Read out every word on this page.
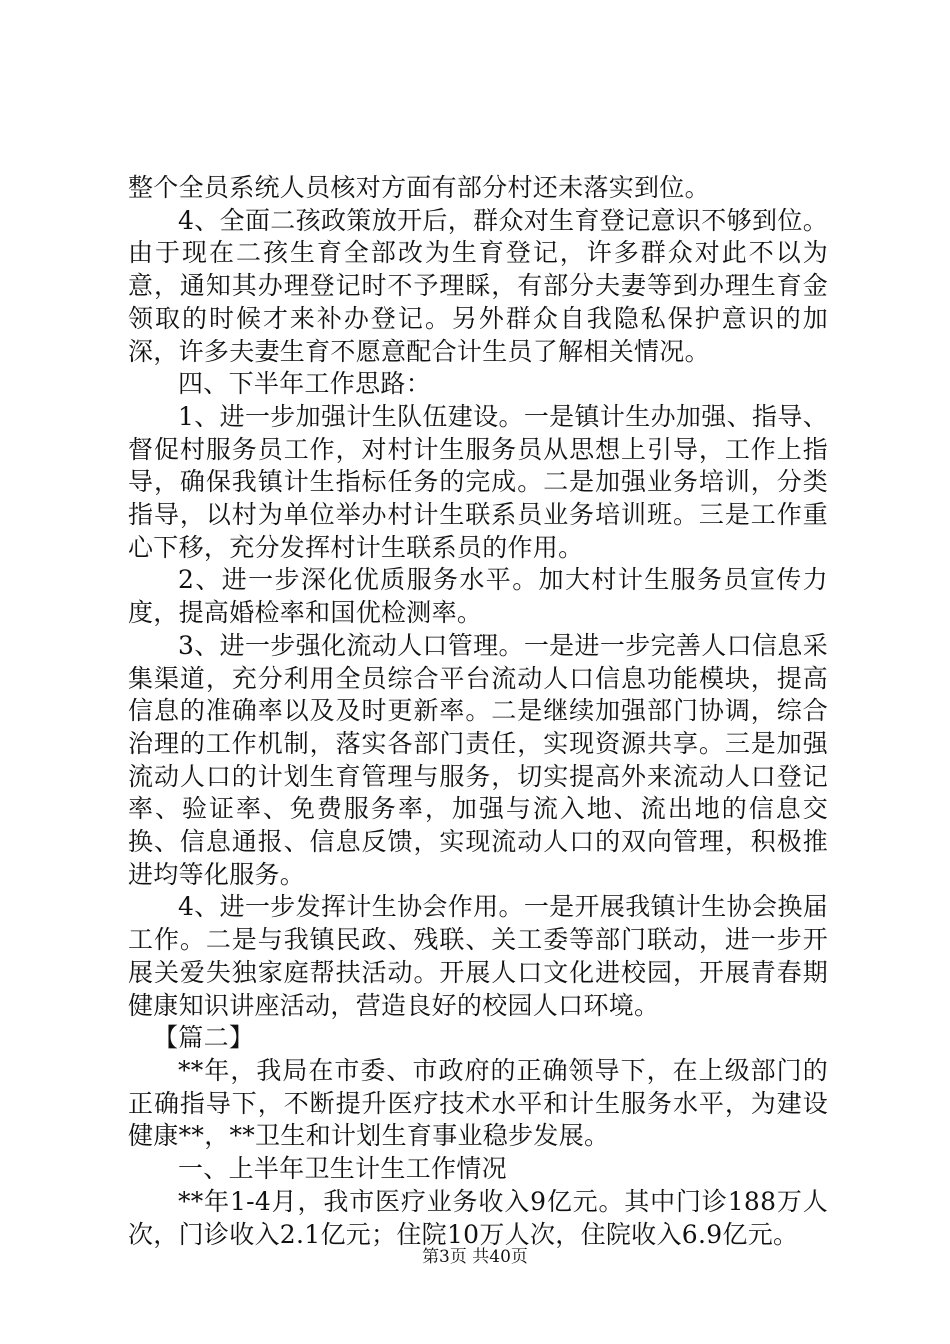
整个全员系统人员核对方面有部分村还未落实到位。

4、全面二孩政策放开后，群众对生育登记意识不够到位。由于现在二孩生育全部改为生育登记，许多群众对此不以为意，通知其办理登记时不予理睬，有部分夫妻等到办理生育金领取的时候才来补办登记。另外群众自我隐私保护意识的加深，许多夫妻生育不愿意配合计生员了解相关情况。

四、下半年工作思路：

1、进一步加强计生队伍建设。一是镇计生办加强、指导、督促村服务员工作，对村计生服务员从思想上引导，工作上指导，确保我镇计生指标任务的完成。二是加强业务培训，分类指导，以村为单位举办村计生联系员业务培训班。三是工作重心下移，充分发挥村计生联系员的作用。

2、进一步深化优质服务水平。加大村计生服务员宣传力度，提高婚检率和国优检测率。

3、进一步强化流动人口管理。一是进一步完善人口信息采集渠道，充分利用全员综合平台流动人口信息功能模块，提高信息的准确率以及及时更新率。二是继续加强部门协调，综合治理的工作机制，落实各部门责任，实现资源共享。三是加强流动人口的计划生育管理与服务，切实提高外来流动人口登记率、验证率、免费服务率，加强与流入地、流出地的信息交换、信息通报、信息反馈，实现流动人口的双向管理，积极推进均等化服务。

4、进一步发挥计生协会作用。一是开展我镇计生协会换届工作。二是与我镇民政、残联、关工委等部门联动，进一步开展关爱失独家庭帮扶活动。开展人口文化进校园，开展青春期健康知识讲座活动，营造良好的校园人口环境。

【篇二】

**年，我局在市委、市政府的正确领导下，在上级部门的正确指导下，不断提升医疗技术水平和计生服务水平，为建设健康**，**卫生和计划生育事业稳步发展。

一、上半年卫生计生工作情况

**年1-4月，我市医疗业务收入9亿元。其中门诊188万人次，门诊收入2.1亿元；住院10万人次，住院收入6.9亿元。

第3页 共40页
